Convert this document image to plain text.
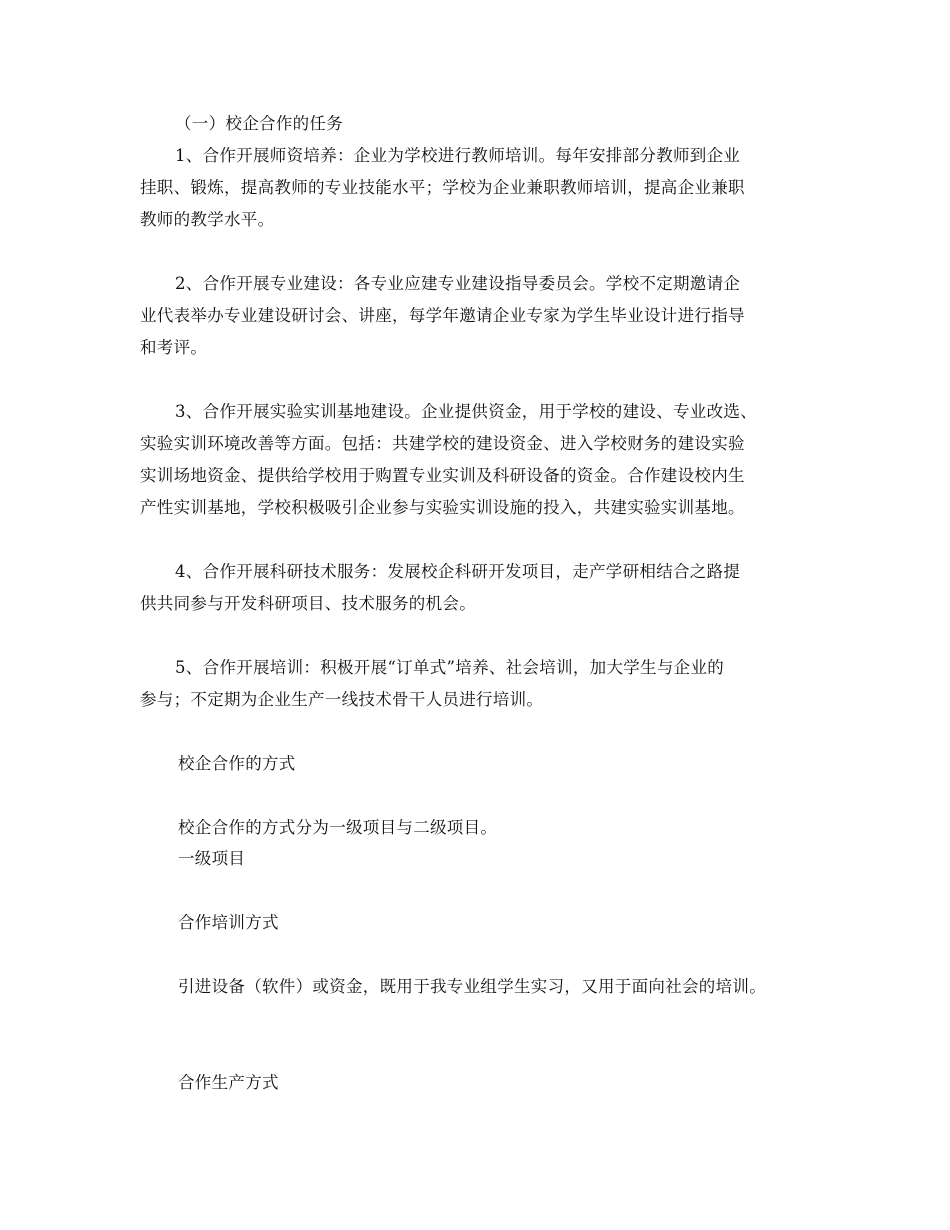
（一）校企合作的任务
1、合作开展师资培养：企业为学校进行教师培训。每年安排部分教师到企业
挂职、锻炼，提高教师的专业技能水平；学校为企业兼职教师培训，提高企业兼职
教师的教学水平。
2、合作开展专业建设：各专业应建专业建设指导委员会。学校不定期邀请企
业代表举办专业建设研讨会、讲座，每学年邀请企业专家为学生毕业设计进行指导
和考评。
3、合作开展实验实训基地建设。企业提供资金，用于学校的建设、专业改选、
实验实训环境改善等方面。包括：共建学校的建设资金、进入学校财务的建设实验
实训场地资金、提供给学校用于购置专业实训及科研设备的资金。合作建设校内生
产性实训基地，学校积极吸引企业参与实验实训设施的投入，共建实验实训基地。
4、合作开展科研技术服务：发展校企科研开发项目，走产学研相结合之路提
供共同参与开发科研项目、技术服务的机会。
5、合作开展培训：积极开展“订单式”培养、社会培训，加大学生与企业的
参与；不定期为企业生产一线技术骨干人员进行培训。
校企合作的方式
校企合作的方式分为一级项目与二级项目。
一级项目
合作培训方式
引进设备（软件）或资金，既用于我专业组学生实习，又用于面向社会的培训。
合作生产方式
